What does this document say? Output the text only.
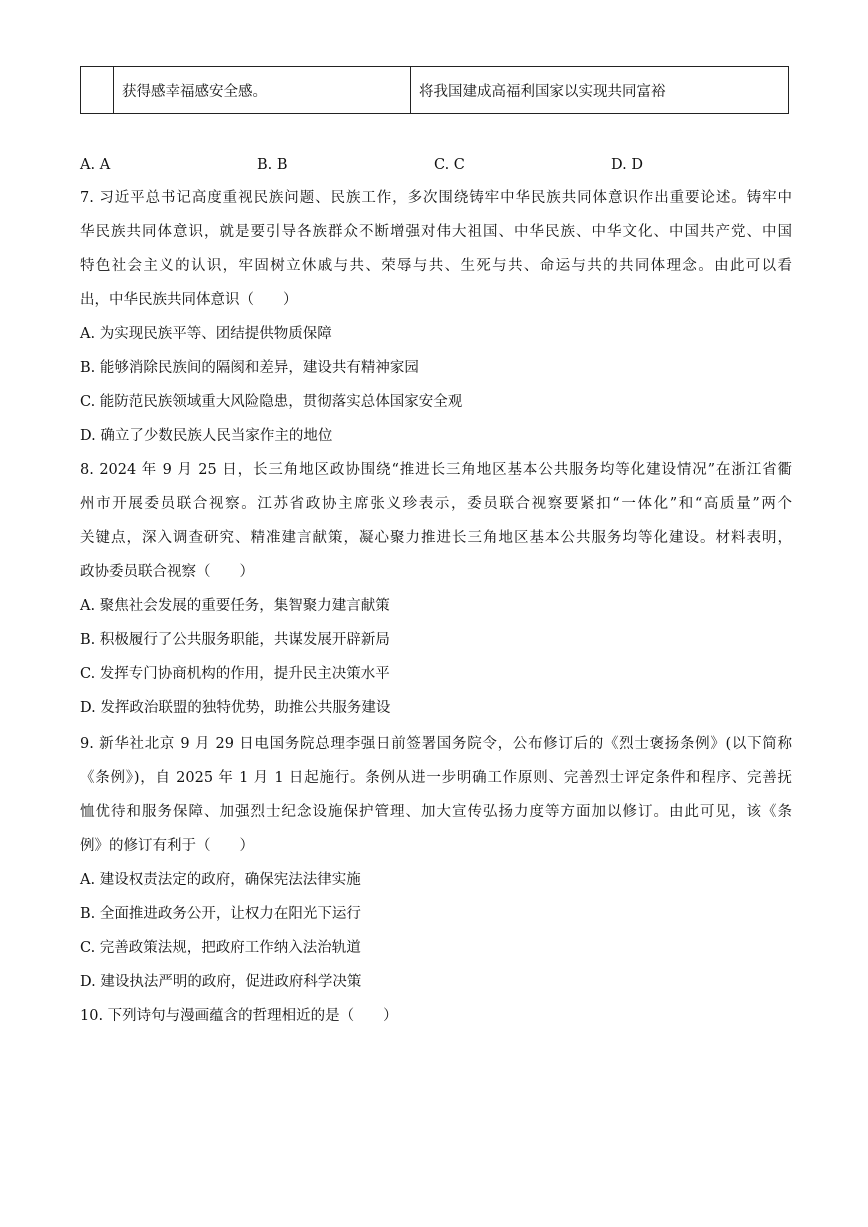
	获得感幸福感安全感。	将我国建成高福利国家以实现共同富裕
A. A	B. B	C. C	D. D
7. 习近平总书记高度重视民族问题、民族工作，多次围绕铸牢中华民族共同体意识作出重要论述。铸牢中
华民族共同体意识，就是要引导各族群众不断增强对伟大祖国、中华民族、中华文化、中国共产党、中国
特色社会主义的认识，牢固树立休戚与共、荣辱与共、生死与共、命运与共的共同体理念。由此可以看
出，中华民族共同体意识（　　）
A. 为实现民族平等、团结提供物质保障
B. 能够消除民族间的隔阂和差异，建设共有精神家园
C. 能防范民族领域重大风险隐患，贯彻落实总体国家安全观
D. 确立了少数民族人民当家作主的地位
8. 2024 年 9 月 25 日，长三角地区政协围绕“推进长三角地区基本公共服务均等化建设情况”在浙江省衢
州市开展委员联合视察。江苏省政协主席张义珍表示，委员联合视察要紧扣“一体化”和“高质量”两个
关键点，深入调查研究、精准建言献策，凝心聚力推进长三角地区基本公共服务均等化建设。材料表明，
政协委员联合视察（　　）
A. 聚焦社会发展的重要任务，集智聚力建言献策
B. 积极履行了公共服务职能，共谋发展开辟新局
C. 发挥专门协商机构的作用，提升民主决策水平
D. 发挥政治联盟的独特优势，助推公共服务建设
9. 新华社北京 9 月 29 日电国务院总理李强日前签署国务院令，公布修订后的《烈士褒扬条例》(以下简称
《条例》)，自 2025 年 1 月 1 日起施行。条例从进一步明确工作原则、完善烈士评定条件和程序、完善抚
恤优待和服务保障、加强烈士纪念设施保护管理、加大宣传弘扬力度等方面加以修订。由此可见，该《条
例》的修订有利于（　　）
A. 建设权责法定的政府，确保宪法法律实施
B. 全面推进政务公开，让权力在阳光下运行
C. 完善政策法规，把政府工作纳入法治轨道
D. 建设执法严明的政府，促进政府科学决策
10. 下列诗句与漫画蕴含的哲理相近的是（　　）
